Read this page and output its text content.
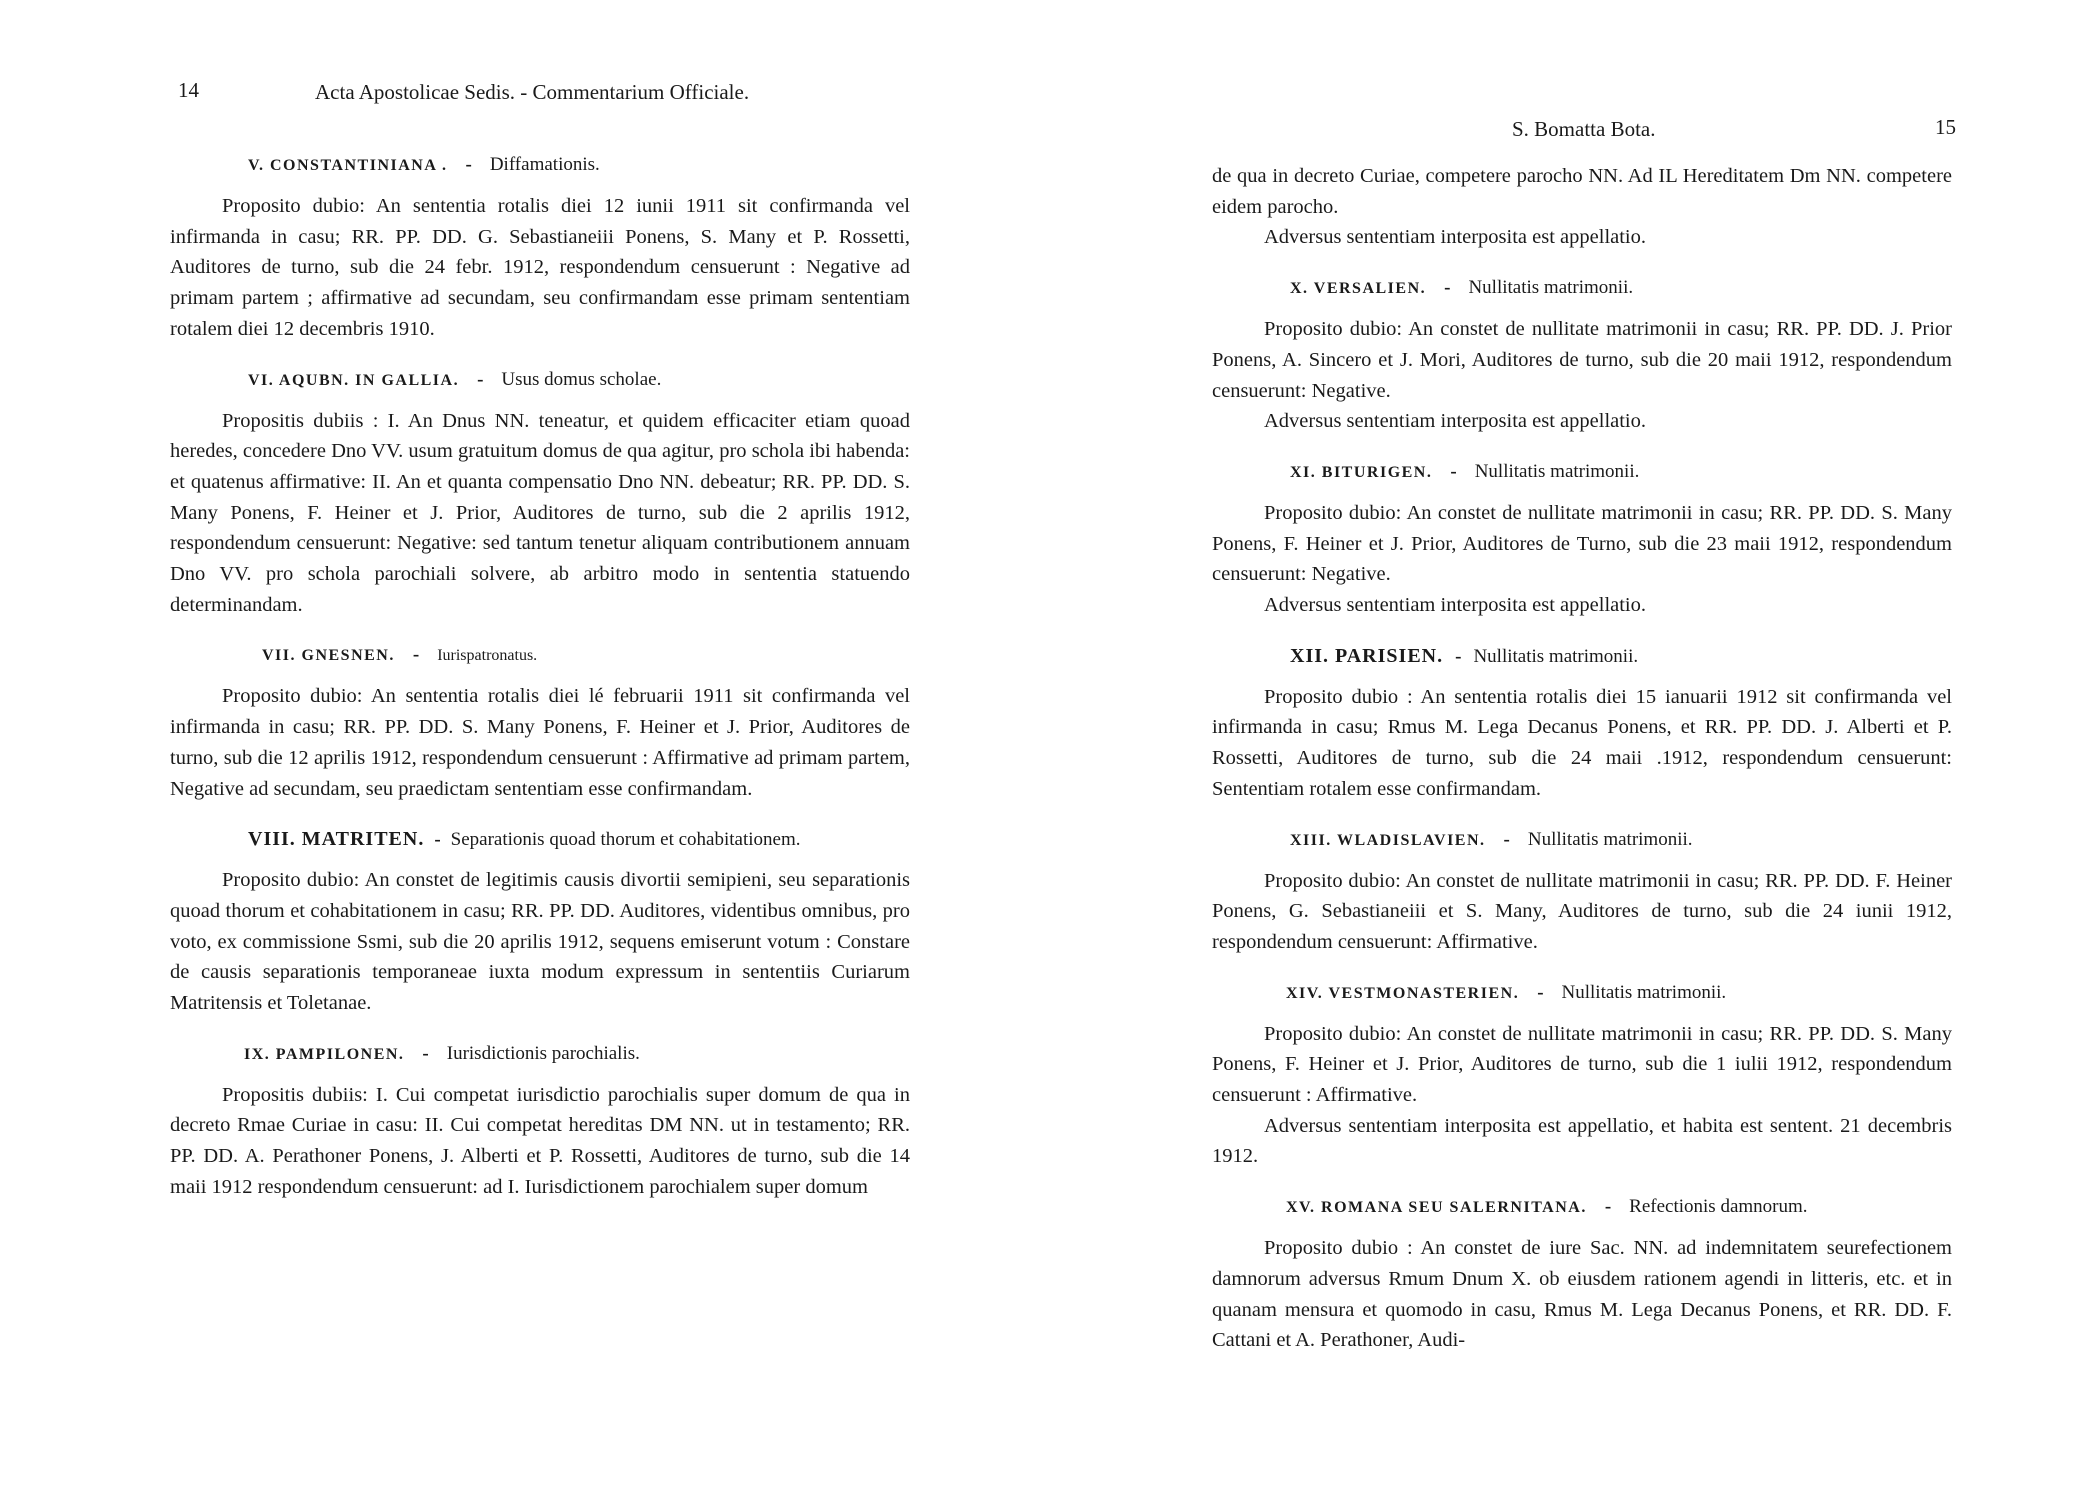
14	Acta Apostolicae Sedis. - Commentarium Officiale.
V. CONSTANTINIANA . - Diffamationis.
Proposito dubio: An sententia rotalis diei 12 iunii 1911 sit confirmanda vel infirmanda in casu; RR. PP. DD. G. Sebastianeiii Ponens, S. Many et P. Rossetti, Auditores de turno, sub die 24 febr. 1912, respondendum censuerunt : Negative ad primam partem ; affirmative ad secundam, seu confirmandam esse primam sententiam rotalem diei 12 decembris 1910.
VI. AQUBN. IN GALLIA. - Usus domus scholae.
Propositis dubiis : I. An Dnus NN. teneatur, et quidem efficaciter etiam quoad heredes, concedere Dno VV. usum gratuitum domus de qua agitur, pro schola ibi habenda: et quatenus affirmative: II. An et quanta compensatio Dno NN. debeatur; RR. PP. DD. S. Many Ponens, F. Heiner et J. Prior, Auditores de turno, sub die 2 aprilis 1912, respondendum censuerunt: Negative: sed tantum tenetur aliquam contributionem annuam Dno VV. pro schola parochiali solvere, ab arbitro modo in sententia statuendo determinandam.
VII. GNESNEN. - Iurispatronatus.
Proposito dubio: An sententia rotalis diei lé februarii 1911 sit confirmanda vel infirmanda in casu; RR. PP. DD. S. Many Ponens, F. Heiner et J. Prior, Auditores de turno, sub die 12 aprilis 1912, respondendum censuerunt : Affirmative ad primam partem, Negative ad secundam, seu praedictam sententiam esse confirmandam.
VIII. MATRITEN. - Separationis quoad thorum et cohabitationem.
Proposito dubio: An constet de legitimis causis divortii semipieni, seu separationis quoad thorum et cohabitationem in casu; RR. PP. DD. Auditores, videntibus omnibus, pro voto, ex commissione Ssmi, sub die 20 aprilis 1912, sequens emiserunt votum : Constare de causis separationis temporaneae iuxta modum expressum in sententiis Curiarum Matritensis et Toletanae.
IX. PAMPILONEN. - Iurisdictionis parochialis.
Propositis dubiis: I. Cui competat iurisdictio parochialis super domum de qua in decreto Rmae Curiae in casu: II. Cui competat hereditas DM NN. ut in testamento; RR. PP. DD. A. Perathoner Ponens, J. Alberti et P. Rossetti, Auditores de turno, sub die 14 maii 1912 respondendum censuerunt: ad I. Iurisdictionem parochialem super domum
S. Bomatta Bota.	15
de qua in decreto Curiae, competere parocho NN. Ad IL Hereditatem Dm NN. competere eidem parocho.
Adversus sententiam interposita est appellatio.
X. VERSALIEN. - Nullitatis matrimonii.
Proposito dubio: An constet de nullitate matrimonii in casu; RR. PP. DD. J. Prior Ponens, A. Sincero et J. Mori, Auditores de turno, sub die 20 maii 1912, respondendum censuerunt: Negative.
Adversus sententiam interposita est appellatio.
XI. BITURIGEN. - Nullitatis matrimonii.
Proposito dubio: An constet de nullitate matrimonii in casu; RR. PP. DD. S. Many Ponens, F. Heiner et J. Prior, Auditores de Turno, sub die 23 maii 1912, respondendum censuerunt: Negative.
Adversus sententiam interposita est appellatio.
XII. PARISIEN. - Nullitatis matrimonii.
Proposito dubio : An sententia rotalis diei 15 ianuarii 1912 sit confirmanda vel infirmanda in casu; Rmus M. Lega Decanus Ponens, et RR. PP. DD. J. Alberti et P. Rossetti, Auditores de turno, sub die 24 maii .1912, respondendum censuerunt: Sententiam rotalem esse confirmandam.
XIII. WLADISLAVIEN. - Nullitatis matrimonii.
Proposito dubio: An constet de nullitate matrimonii in casu; RR. PP. DD. F. Heiner Ponens, G. Sebastianeiii et S. Many, Auditores de turno, sub die 24 iunii 1912, respondendum censuerunt: Affirmative.
XIV. VESTMONASTERIEN. - Nullitatis matrimonii.
Proposito dubio: An constet de nullitate matrimonii in casu; RR. PP. DD. S. Many Ponens, F. Heiner et J. Prior, Auditores de turno, sub die 1 iulii 1912, respondendum censuerunt : Affirmative.
Adversus sententiam interposita est appellatio, et habita est sentent. 21 decembris 1912.
XV. ROMANA SEU SALERNITANA. - Refectionis damnorum.
Proposito dubio : An constet de iure Sac. NN. ad indemnitatem seurefectionem damnorum adversus Rmum Dnum X. ob eiusdem rationem agendi in litteris, etc. et in quanam mensura et quomodo in casu, Rmus M. Lega Decanus Ponens, et RR. DD. F. Cattani et A. Perathoner, Audi-
